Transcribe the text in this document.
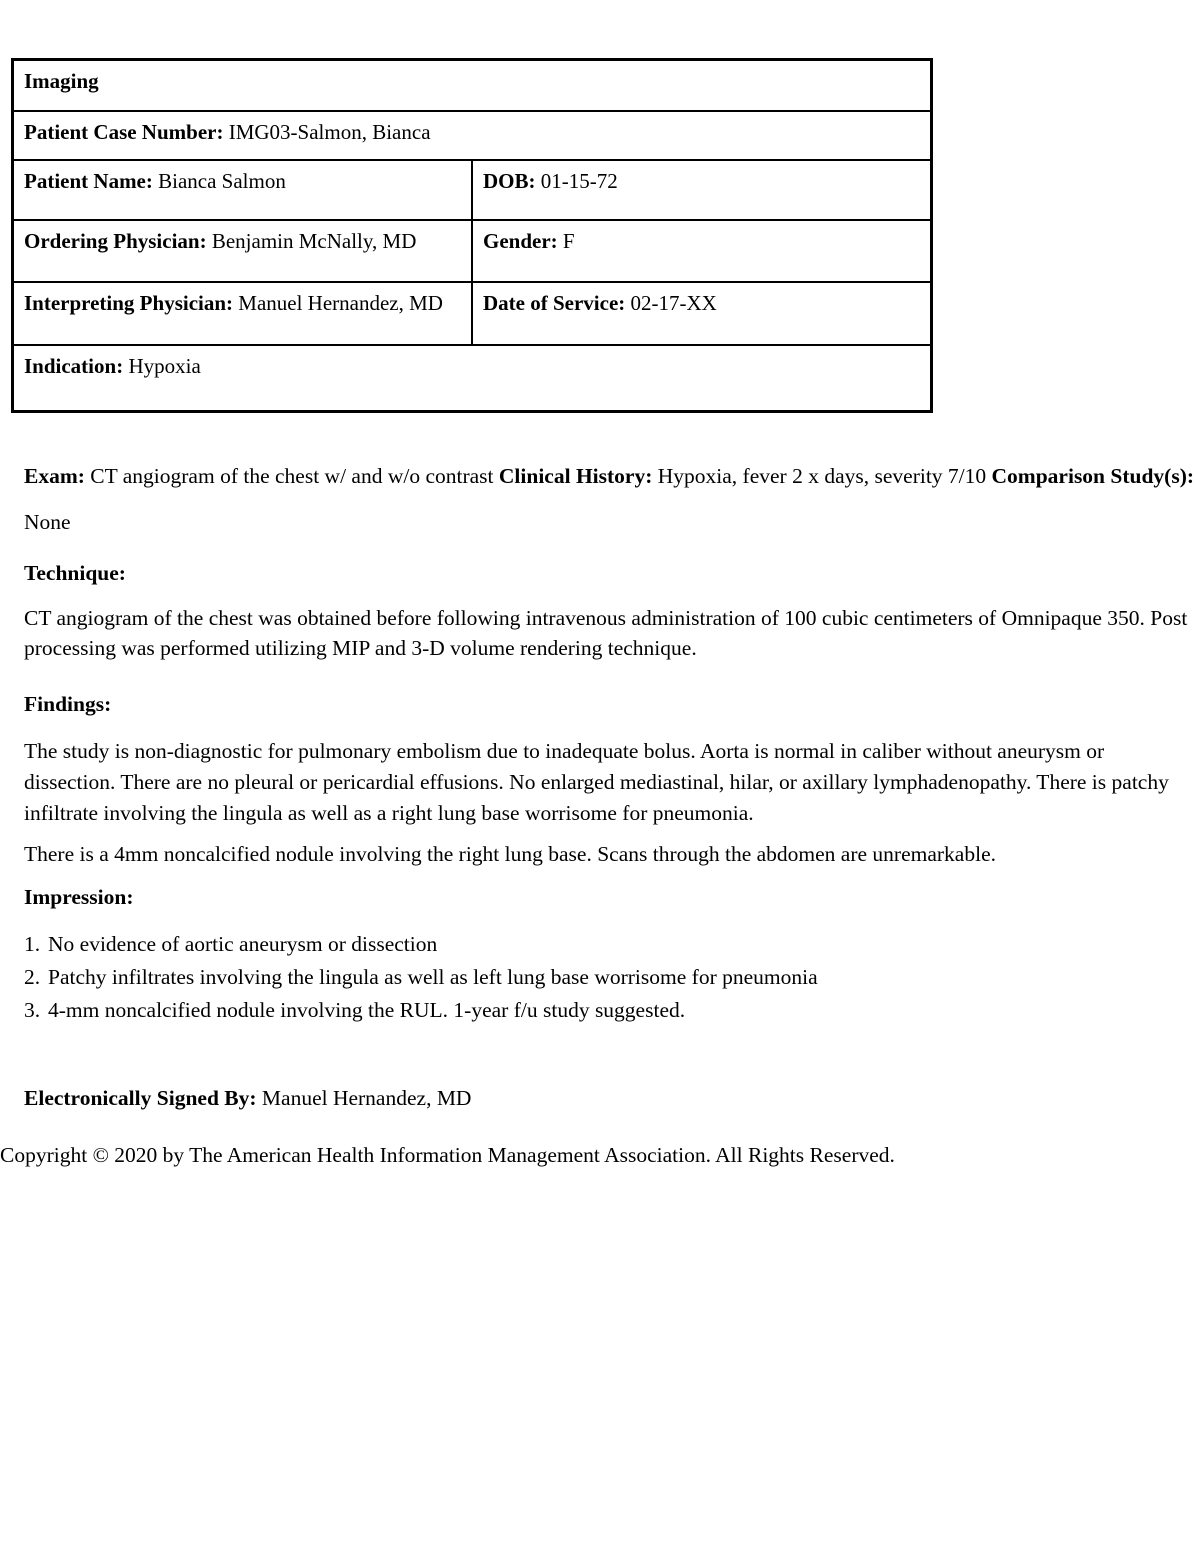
Imaging	
Patient Case Number: IMG03-Salmon, Bianca	
Patient Name: Bianca Salmon	DOB: 01-15-72
Ordering Physician: Benjamin McNally, MD	Gender: F
Interpreting Physician: Manuel Hernandez, MD	Date of Service: 02-17-XX
Indication: Hypoxia	

Exam: CT angiogram of the chest w/ and w/o contrast Clinical History: Hypoxia, fever 2 x days, severity 7/10 Comparison Study(s): None

Technique:

CT angiogram of the chest was obtained before following intravenous administration of 100 cubic centimeters of Omnipaque 350. Post processing was performed utilizing MIP and 3-D volume rendering technique.

Findings:

The study is non-diagnostic for pulmonary embolism due to inadequate bolus. Aorta is normal in caliber without aneurysm or dissection. There are no pleural or pericardial effusions. No enlarged mediastinal, hilar, or axillary lymphadenopathy. There is patchy infiltrate involving the lingula as well as a right lung base worrisome for pneumonia.

There is a 4mm noncalcified nodule involving the right lung base. Scans through the abdomen are unremarkable.

Impression:

1. No evidence of aortic aneurysm or dissection
2. Patchy infiltrates involving the lingula as well as left lung base worrisome for pneumonia
3. 4-mm noncalcified nodule involving the RUL. 1-year f/u study suggested.

Electronically Signed By: Manuel Hernandez, MD

Copyright © 2020 by The American Health Information Management Association. All Rights Reserved.
